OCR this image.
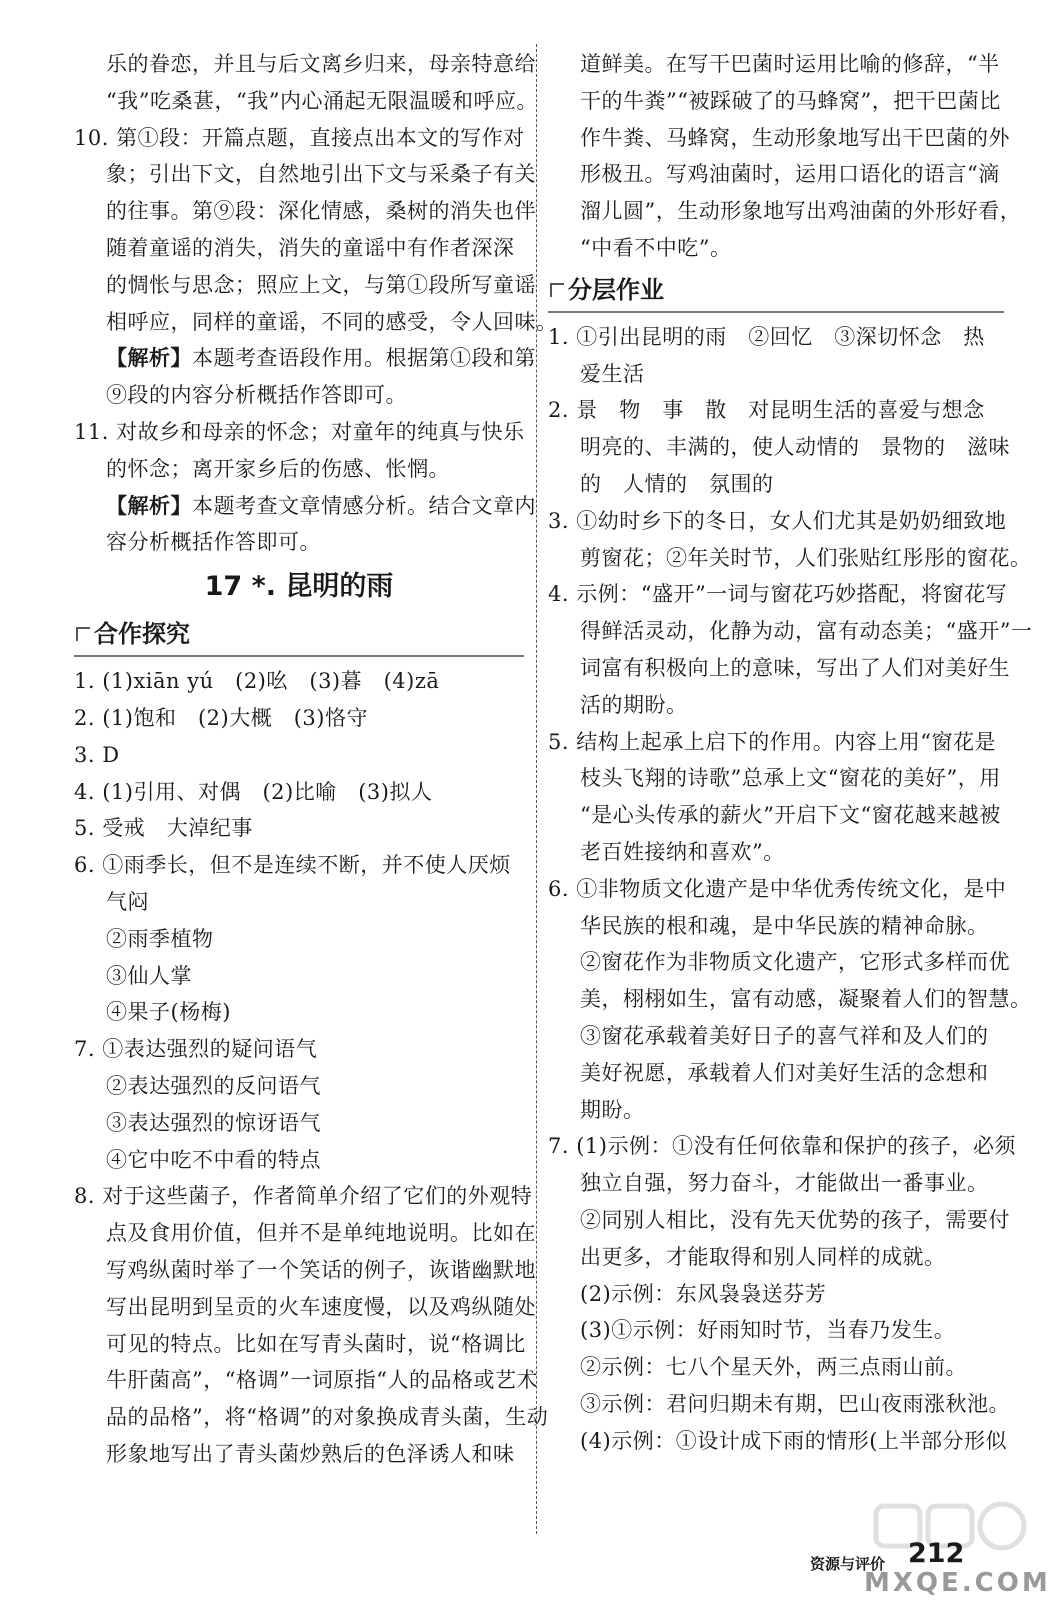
乐的眷恋，并且与后文离乡归来，母亲特意给
“我”吃桑葚，“我”内心涌起无限温暖和呼应。
10. 第①段：开篇点题，直接点出本文的写作对
象；引出下文，自然地引出下文与采桑子有关
的往事。第⑨段：深化情感，桑树的消失也伴
随着童谣的消失，消失的童谣中有作者深深
的惆怅与思念；照应上文，与第①段所写童谣
相呼应，同样的童谣，不同的感受，令人回味。
【解析】本题考查语段作用。根据第①段和第
⑨段的内容分析概括作答即可。
11. 对故乡和母亲的怀念；对童年的纯真与快乐
的怀念；离开家乡后的伤感、怅惘。
【解析】本题考查文章情感分析。结合文章内
容分析概括作答即可。
17 *. 昆明的雨
合作探究
1. (1)xiān yú　(2)吆　(3)暮　(4)zā
2. (1)饱和　(2)大概　(3)恪守
3. D
4. (1)引用、对偶　(2)比喻　(3)拟人
5. 受戒　大淖纪事
6. ①雨季长，但不是连续不断，并不使人厌烦
气闷
②雨季植物
③仙人掌
④果子(杨梅)
7. ①表达强烈的疑问语气
②表达强烈的反问语气
③表达强烈的惊讶语气
④它中吃不中看的特点
8. 对于这些菌子，作者简单介绍了它们的外观特
点及食用价值，但并不是单纯地说明。比如在
写鸡纵菌时举了一个笑话的例子，诙谐幽默地
写出昆明到呈贡的火车速度慢，以及鸡纵随处
可见的特点。比如在写青头菌时，说“格调比
牛肝菌高”，“格调”一词原指“人的品格或艺术
品的品格”，将“格调”的对象换成青头菌，生动
形象地写出了青头菌炒熟后的色泽诱人和味
道鲜美。在写干巴菌时运用比喻的修辞，“半
干的牛粪”“被踩破了的马蜂窝”，把干巴菌比
作牛粪、马蜂窝，生动形象地写出干巴菌的外
形极丑。写鸡油菌时，运用口语化的语言“滴
溜儿圆”，生动形象地写出鸡油菌的外形好看，
“中看不中吃”。
分层作业
1. ①引出昆明的雨　②回忆　③深切怀念　热
爱生活
2. 景　物　事　散　对昆明生活的喜爱与想念
明亮的、丰满的，使人动情的　景物的　滋味
的　人情的　氛围的
3. ①幼时乡下的冬日，女人们尤其是奶奶细致地
剪窗花；②年关时节，人们张贴红彤彤的窗花。
4. 示例：“盛开”一词与窗花巧妙搭配，将窗花写
得鲜活灵动，化静为动，富有动态美；“盛开”一
词富有积极向上的意味，写出了人们对美好生
活的期盼。
5. 结构上起承上启下的作用。内容上用“窗花是
枝头飞翔的诗歌”总承上文“窗花的美好”，用
“是心头传承的薪火”开启下文“窗花越来越被
老百姓接纳和喜欢”。
6. ①非物质文化遗产是中华优秀传统文化，是中
华民族的根和魂，是中华民族的精神命脉。
②窗花作为非物质文化遗产，它形式多样而优
美，栩栩如生，富有动感，凝聚着人们的智慧。
③窗花承载着美好日子的喜气祥和及人们的
美好祝愿，承载着人们对美好生活的念想和
期盼。
7. (1)示例：①没有任何依靠和保护的孩子，必须
独立自强，努力奋斗，才能做出一番事业。
②同别人相比，没有先天优势的孩子，需要付
出更多，才能取得和别人同样的成就。
(2)示例：东风袅袅送芬芳
(3)①示例：好雨知时节，当春乃发生。
②示例：七八个星天外，两三点雨山前。
③示例：君问归期未有期，巴山夜雨涨秋池。
(4)示例：①设计成下雨的情形(上半部分形似
MXQE.COM
资源与评价 212
